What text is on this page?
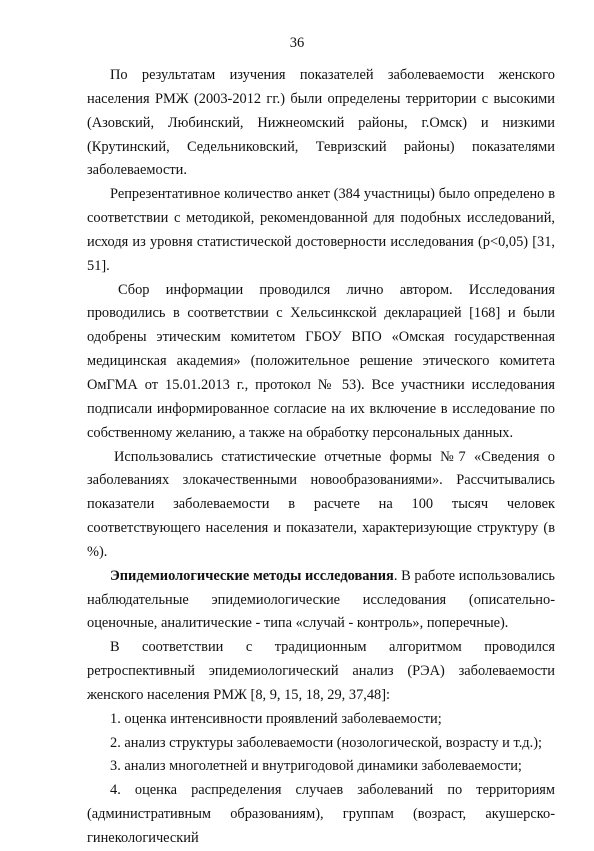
36

По результатам изучения показателей заболеваемости женского населения РМЖ (2003-2012 гг.) были определены территории с высокими (Азовский, Любинский, Нижнеомский районы, г.Омск) и низкими (Крутинский, Седельниковский, Тевризский районы) показателями заболеваемости.

Репрезентативное количество анкет (384 участницы) было определено в соответствии с методикой, рекомендованной для подобных исследований, исходя из уровня статистической достоверности исследования (р<0,05) [31, 51].

Сбор информации проводился лично автором. Исследования проводились в соответствии с Хельсинкской декларацией [168] и были одобрены этическим комитетом ГБОУ ВПО «Омская государственная медицинская академия» (положительное решение этического комитета ОмГМА от 15.01.2013 г., протокол № 53). Все участники исследования подписали информированное согласие на их включение в исследование по собственному желанию, а также на обработку персональных данных.

Использовались статистические отчетные формы №7 «Сведения о заболеваниях злокачественными новообразованиями». Рассчитывались показатели заболеваемости в расчете на 100 тысяч человек соответствующего населения и показатели, характеризующие структуру (в %).

Эпидемиологические методы исследования. В работе использовались наблюдательные эпидемиологические исследования (описательно-оценочные, аналитические - типа «случай - контроль», поперечные).

В соответствии с традиционным алгоритмом проводился ретроспективный эпидемиологический анализ (РЭА) заболеваемости женского населения РМЖ [8, 9, 15, 18, 29, 37,48]:

1. оценка интенсивности проявлений заболеваемости;

2. анализ структуры заболеваемости (нозологической, возрасту и т.д.);

3. анализ многолетней и внутригодовой динамики заболеваемости;

4. оценка распределения случаев заболеваний по территориям (административным образованиям), группам (возраст, акушерско-гинекологический
